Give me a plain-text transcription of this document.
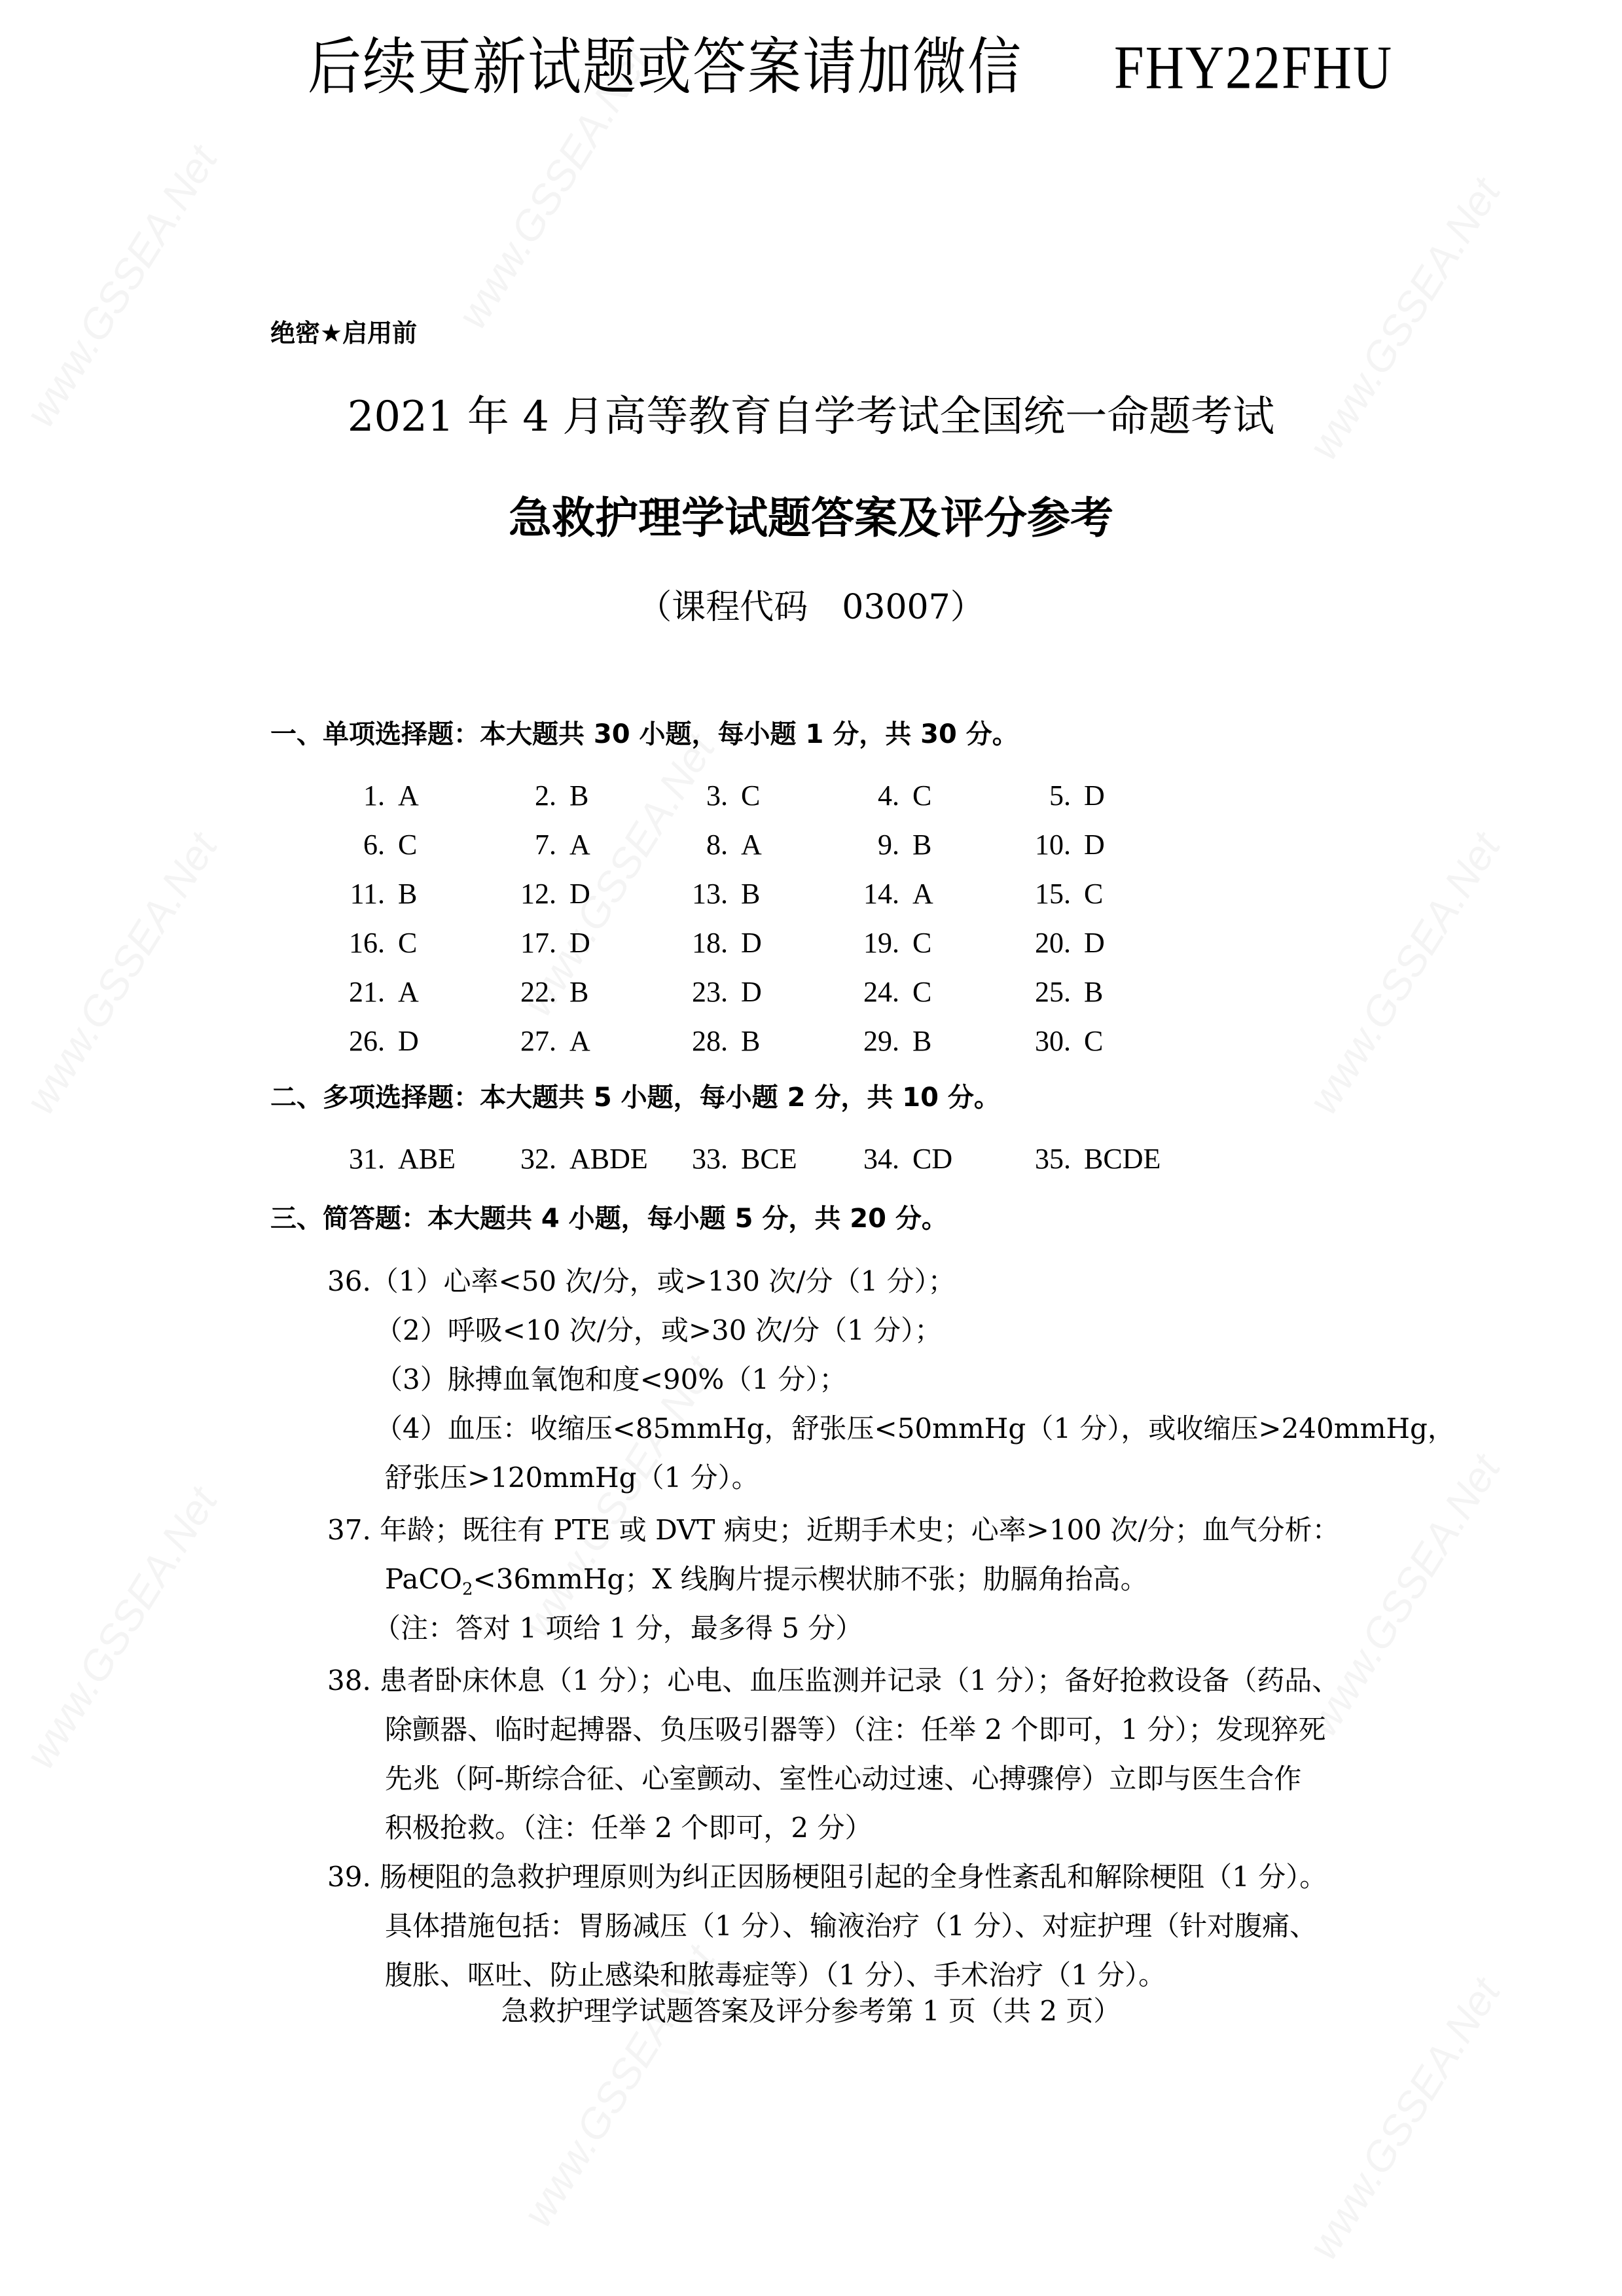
后续更新试题或答案请加微信 FHY22FHU
绝密★启用前
2021 年 4 月高等教育自学考试全国统一命题考试
急救护理学试题答案及评分参考
（课程代码　03007）
一、单项选择题：本大题共 30 小题，每小题 1 分，共 30 分。
1. A	2. B	3. C	4. C	5. D
6. C	7. A	8. A	9. B	10. D
11. B	12. D	13. B	14. A	15. C
16. C	17. D	18. D	19. C	20. D
21. A	22. B	23. D	24. C	25. B
26. D	27. A	28. B	29. B	30. C
二、多项选择题：本大题共 5 小题，每小题 2 分，共 10 分。
31. ABE	32. ABDE	33. BCE	34. CD	35. BCDE
三、简答题：本大题共 4 小题，每小题 5 分，共 20 分。
36.（1）心率<50 次/分，或>130 次/分（1 分）；
（2）呼吸<10 次/分，或>30 次/分（1 分）；
（3）脉搏血氧饱和度<90%（1 分）；
（4）血压：收缩压<85mmHg，舒张压<50mmHg（1 分），或收缩压>240mmHg，
舒张压>120mmHg（1 分）。
37. 年龄；既往有 PTE 或 DVT 病史；近期手术史；心率>100 次/分；血气分析：
PaCO$_2$<36mmHg；X 线胸片提示楔状肺不张；肋膈角抬高。
（注：答对 1 项给 1 分，最多得 5 分）
38. 患者卧床休息（1 分）；心电、血压监测并记录（1 分）；备好抢救设备（药品、
除颤器、临时起搏器、负压吸引器等）（注：任举 2 个即可，1 分）；发现猝死
先兆（阿-斯综合征、心室颤动、室性心动过速、心搏骤停）立即与医生合作
积极抢救。（注：任举 2 个即可，2 分）
39. 肠梗阻的急救护理原则为纠正因肠梗阻引起的全身性紊乱和解除梗阻（1 分）。
具体措施包括：胃肠减压（1 分）、输液治疗（1 分）、对症护理（针对腹痛、
腹胀、呕吐、防止感染和脓毒症等）（1 分）、手术治疗（1 分）。
急救护理学试题答案及评分参考第 1 页（共 2 页）
